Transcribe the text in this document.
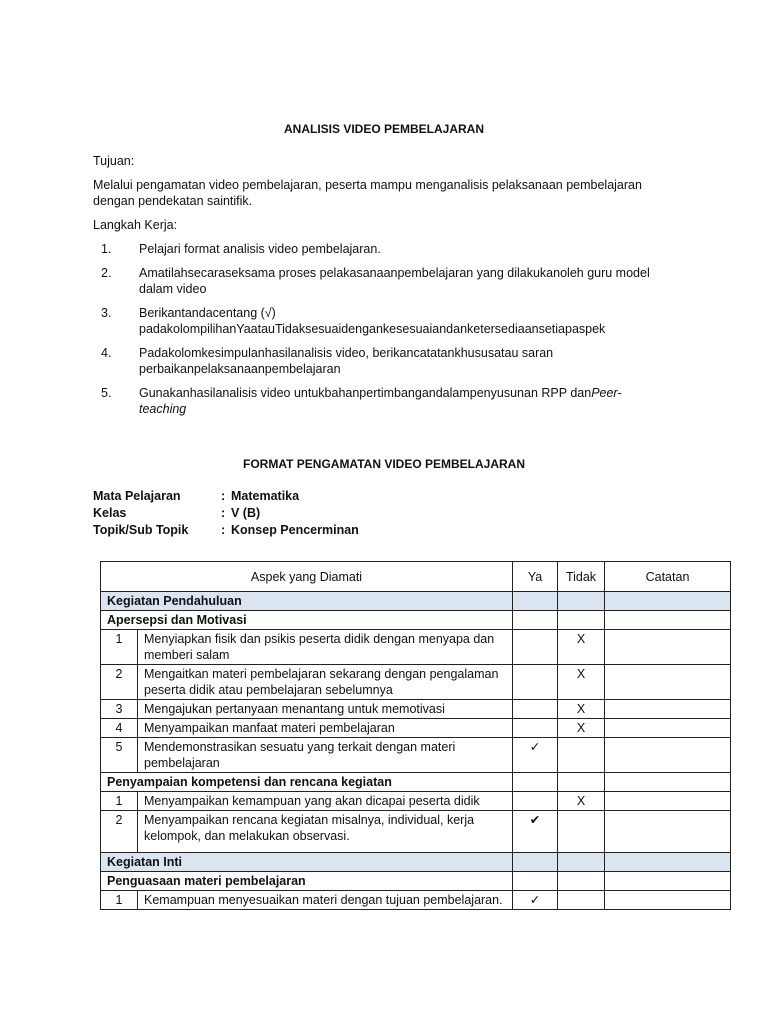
ANALISIS VIDEO PEMBELAJARAN
Tujuan:
Melalui pengamatan video pembelajaran, peserta mampu menganalisis pelaksanaan pembelajaran dengan pendekatan saintifik.
Langkah Kerja:
1. Pelajari format analisis video pembelajaran.
2. Amatilahsecaraseksama proses pelakasanaanpembelajaran yang dilakukanoleh guru model dalam video
3. Berikantandacentang (√) padakolompilihanYaatauTidaksesuaidengankesesuaiandanketersediaansetiapaspek
4. Padakolomkesimpulanhasilanalisis video, berikancatatankhususatau saran perbaikanpelaksanaanpembelajaran
5. Gunakanhasilanalisis video untukbahanpertimbangandalampenyusunan RPP danPeer-teaching
FORMAT PENGAMATAN VIDEO PEMBELAJARAN
Mata Pelajaran	: Matematika
Kelas	: V (B)
Topik/Sub Topik	: Konsep Pencerminan
Aspek yang Diamati		Ya	Tidak	Catatan
Kegiatan Pendahuluan				
Apersepsi dan Motivasi				
1	Menyiapkan fisik dan psikis peserta didik dengan menyapa dan memberi salam		X	
2	Mengaitkan materi pembelajaran sekarang dengan pengalaman peserta didik atau pembelajaran sebelumnya		X	
3	Mengajukan pertanyaan menantang untuk memotivasi		X	
4	Menyampaikan manfaat materi pembelajaran		X	
5	Mendemonstrasikan sesuatu yang terkait dengan materi pembelajaran	✓		
Penyampaian kompetensi dan rencana kegiatan				
1	Menyampaikan kemampuan yang akan dicapai peserta didik		X	
2	Menyampaikan rencana kegiatan misalnya, individual, kerja kelompok, dan melakukan observasi.	✔		
Kegiatan Inti				
Penguasaan materi pembelajaran				
1	Kemampuan menyesuaikan materi dengan tujuan pembelajaran.	✓		
